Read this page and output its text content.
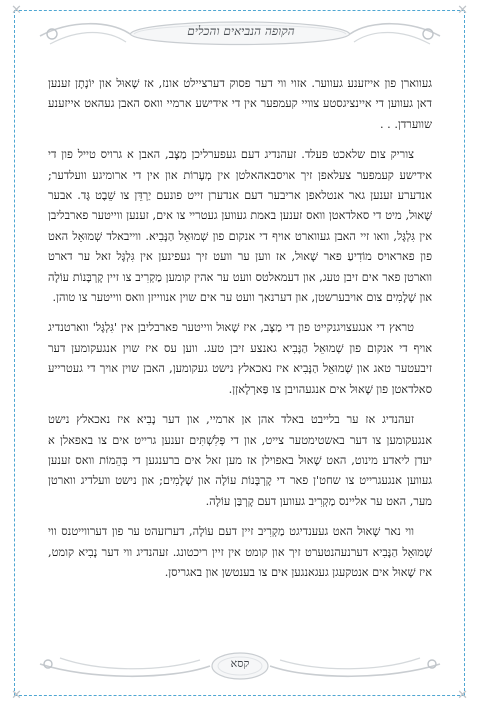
✕	✕
✕	✕
הקופה הנביאים והכלים

געווארן פון אייזענע געווער. אזוי ווי דער פסוק דערציילט אונז, אז שָׁאוּל און יוֹנָתָן זענען דאן געווען די איינציגסטע צוויי קעמפער אין די אידישע ארמיי וואס האבן געהאט אייזענע שווערדן. . .

צוריק צום שלאכט פעלד. זעהנדיג דעם געפערליכן מַצָּב, האבן א גרויס טייל פון די אידישע קעמפער צעלאפן זיך אויסבאהאלטן אין מְעָרוֹת און אין די ארומיגע וועלדער; אנדערע זענען גאר אנטלאפן אריבער דעם אנדערן זייט פונעם יַרְדֵּן צו שֵׁבֶט גָּד. אבער שָׁאוּל, מיט די סאלדאטן וואס זענען באמת געווען געטריי צו אים, זענען ווייטער פארבליבן אין גִּלְגָּל, וואו זיי האבן געווארט אויף די אנקום פון שְׁמוּאֵל הַנָּבִיא. ווייבאלד שְׁמוּאֵל האט פון פאראויס מוֹדִיעַ פאר שָׁאוּל, אז ווען ער וועט זיך געפינען אין גִּלְגָּל זאל ער דארט ווארטן פאר אים זיבן טעג, און דעמאלטס וועט ער אהין קומען מַקְרִיב צו זיין קָרְבָּנוֹת עוֹלָה און שְׁלָמִים צום אויבערשטן, און דערנאך וועט ער אים שוין אנווייזן וואס ווייטער צו טוהן.

טראץ די אנגעצויגנקייט פון די מַצָּב, איז שָׁאוּל ווייטער פארבליבן אין 'גִּלְגָּל' ווארטנדיג אויף די אנקום פון שְׁמוּאֵל הַנָּבִיא גאנצע זיבן טעג. ווען עס איז שוין אנגעקומען דער זיבעטער טאג און שְׁמוּאֵל הַנָּבִיא איז נאכאלץ נישט געקומען, האבן שוין אויך די געטרייע סאלדאטן פון שָׁאוּל אים אנגעהויבן צו פַּארְלָאזְן.

זעהנדיג אז ער בלייבט באלד אהן אן ארמיי, און דער נָבִיא איז נאכאלץ נישט אנגעקומען צו דער באשטימטער צייט, און די פְּלִשְׁתִּים זענען גרייט אים צו באפאלן א יעדן ליאדע מינוט, האט שָׁאוּל באפוילן אז מען זאל אים ברענגען די בְּהֵמוֹת וואס זענען געווען אנגעגרייט צו שחט'ן פאר די קָרְבָּנוֹת עוֹלָה און שְׁלָמִים; און נישט וועלדיג ווארטן מער, האט ער אליינס מַקְרִיב געווען דעם קָרְבַּן עוֹלָה.

ווי נאר שָׁאוּל האט געענדיגט מַקְרִיב זיין דעם עוֹלָה, דערזעהט ער פון דערווייטנס ווי שְׁמוּאֵל הַנָּבִיא דערנעהנטערט זיך און קומט אין זיין ריכטונג. זעהנדיג ווי דער נָבִיא קומט, איז שָׁאוּל אים אנטקעגן געגאנגען אים צו בענטשן און באגריסן.

קסא
